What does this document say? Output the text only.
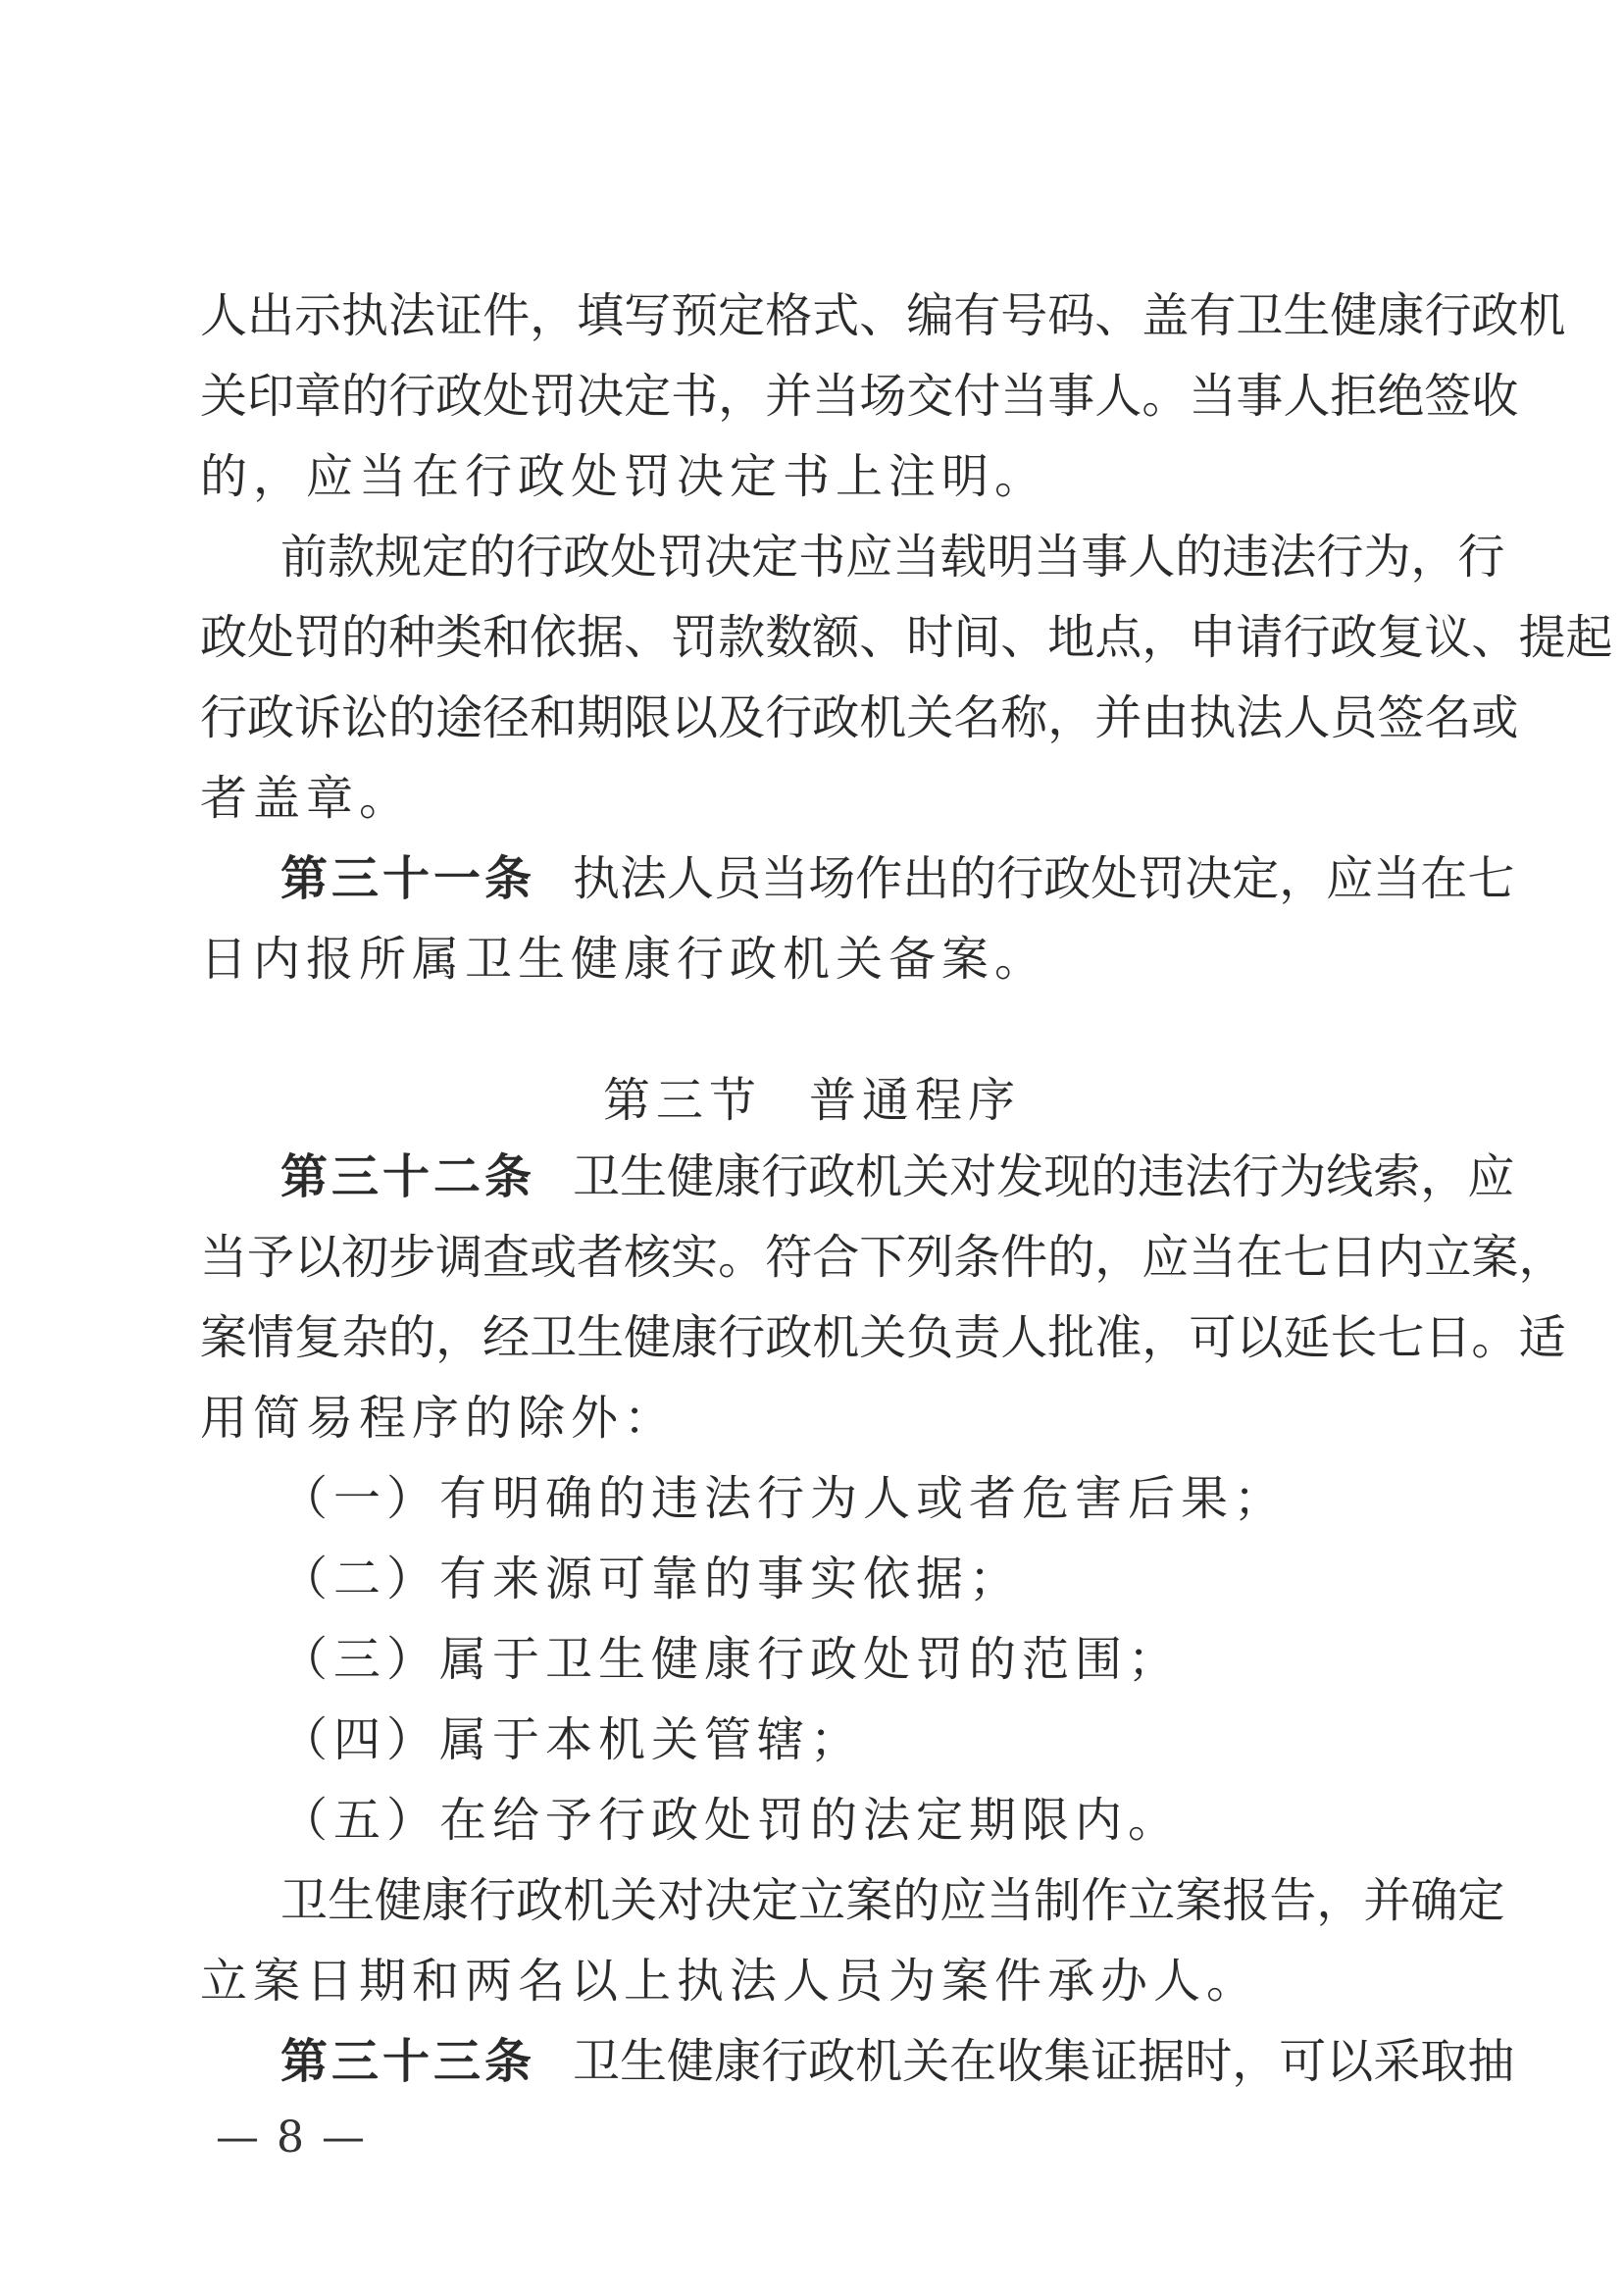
人 出 示 执 法 证 件 ， 填 写 预 定 格 式 、 编 有 号 码 、 盖 有 卫 生 健 康 行 政 机
关 印 章 的 行 政 处 罚 决 定 书 ， 并 当 场 交 付 当 事 人 。 当 事 人 拒 绝 签 收
的，应当在行政处罚决定书上注明。
前 款 规 定 的 行 政 处 罚 决 定 书 应 当 载 明 当 事 人 的 违 法 行 为 ， 行
政 处 罚 的 种 类 和 依 据 、 罚 款 数 额 、 时 间 、 地 点 ， 申 请 行 政 复 议 、 提 起
行 政 诉 讼 的 途 径 和 期 限 以 及 行 政 机 关 名 称 ， 并 由 执 法 人 员 签 名 或
者盖章。
第三十一条 执 法 人 员 当 场 作 出 的 行 政 处 罚 决 定 ， 应 当 在 七
日内报所属卫生健康行政机关备案。
第三节 普通程序
第三十二条 卫 生 健 康 行 政 机 关 对 发 现 的 违 法 行 为 线 索 ， 应
当 予 以 初 步 调 查 或 者 核 实 。 符 合 下 列 条 件 的 ， 应 当 在 七 日 内 立 案 ，
案 情 复 杂 的 ， 经 卫 生 健 康 行 政 机 关 负 责 人 批 准 ， 可 以 延 长 七 日 。 适
用简易程序的除外：
（一）有明确的违法行为人或者危害后果；
（二）有来源可靠的事实依据；
（三）属于卫生健康行政处罚的范围；
（四）属于本机关管辖；
（五）在给予行政处罚的法定期限内。
卫 生 健 康 行 政 机 关 对 决 定 立 案 的 应 当 制 作 立 案 报 告 ， 并 确 定
立案日期和两名以上执法人员为案件承办人。
第三十三条 卫 生 健 康 行 政 机 关 在 收 集 证 据 时 ， 可 以 采 取 抽
— 8 —
